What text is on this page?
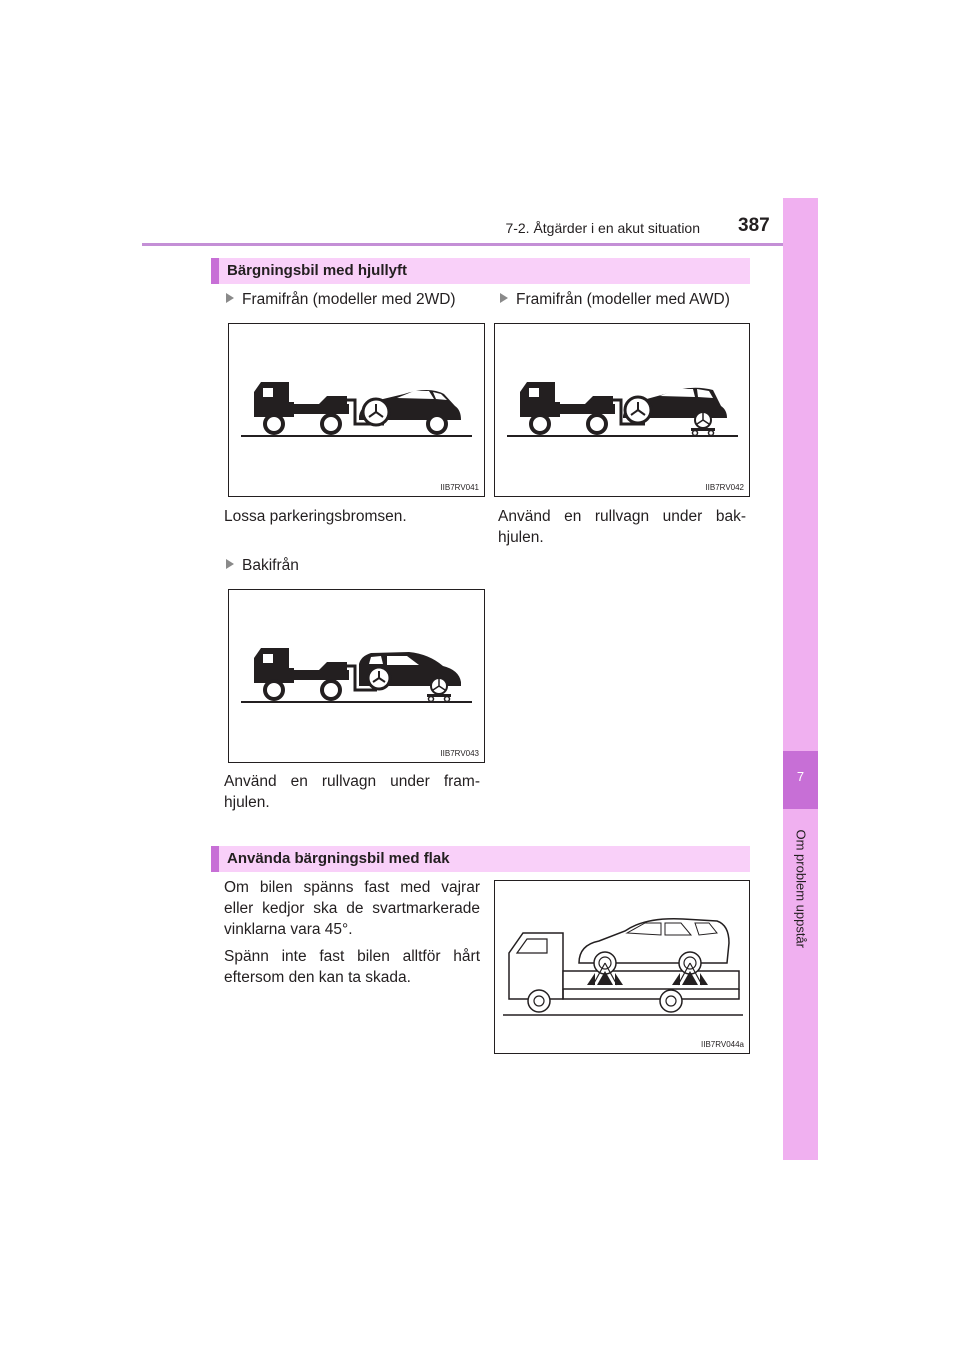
7-2. Åtgärder i en akut situation 387
7
Om problem uppstår
Bärgningsbil med hjullyft
Framifrån (modeller med 2WD)	Framifrån (modeller med AWD)
IIB7RV041	IIB7RV042
Lossa parkeringsbromsen.	Använd en rullvagn under bak-
hjulen.
Bakifrån
IIB7RV043
Använd en rullvagn under fram-
hjulen.
Använda bärgningsbil med flak
Om bilen spänns fast med vajrar
eller kedjor ska de svartmarkerade
vinklarna vara 45°.
Spänn inte fast bilen alltför hårt
eftersom den kan ta skada.
IIB7RV044a
